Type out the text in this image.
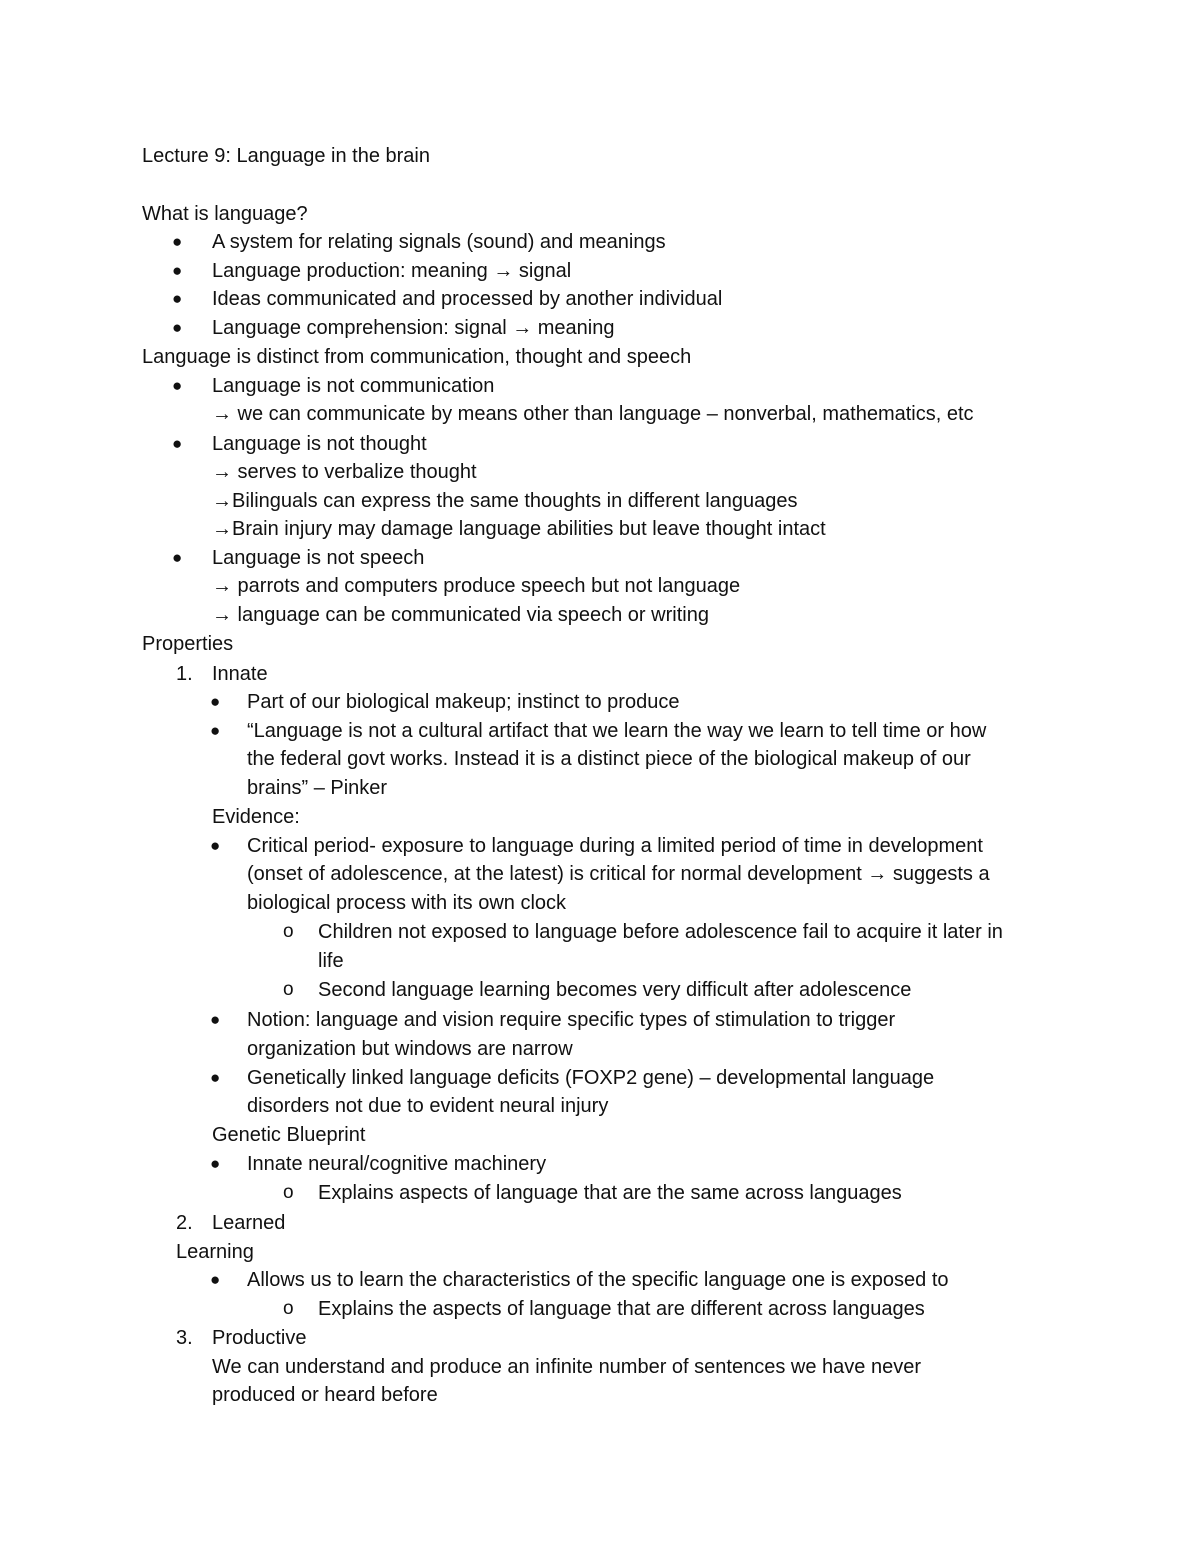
Lecture 9: Language in the brain
What is language?
● A system for relating signals (sound) and meanings
● Language production: meaning → signal
● Ideas communicated and processed by another individual
● Language comprehension: signal → meaning
Language is distinct from communication, thought and speech
● Language is not communication
→ we can communicate by means other than language – nonverbal, mathematics, etc
● Language is not thought
→ serves to verbalize thought
→Bilinguals can express the same thoughts in different languages
→Brain injury may damage language abilities but leave thought intact
● Language is not speech
→ parrots and computers produce speech but not language
→ language can be communicated via speech or writing
Properties
1. Innate
● Part of our biological makeup; instinct to produce
● “Language is not a cultural artifact that we learn the way we learn to tell time or how
the federal govt works. Instead it is a distinct piece of the biological makeup of our
brains” – Pinker
Evidence:
● Critical period- exposure to language during a limited period of time in development
(onset of adolescence, at the latest) is critical for normal development → suggests a
biological process with its own clock
o Children not exposed to language before adolescence fail to acquire it later in
life
o Second language learning becomes very difficult after adolescence
● Notion: language and vision require specific types of stimulation to trigger
organization but windows are narrow
● Genetically linked language deficits (FOXP2 gene) – developmental language
disorders not due to evident neural injury
Genetic Blueprint
● Innate neural/cognitive machinery
o Explains aspects of language that are the same across languages
2. Learned
Learning
● Allows us to learn the characteristics of the specific language one is exposed to
o Explains the aspects of language that are different across languages
3. Productive
We can understand and produce an infinite number of sentences we have never
produced or heard before
